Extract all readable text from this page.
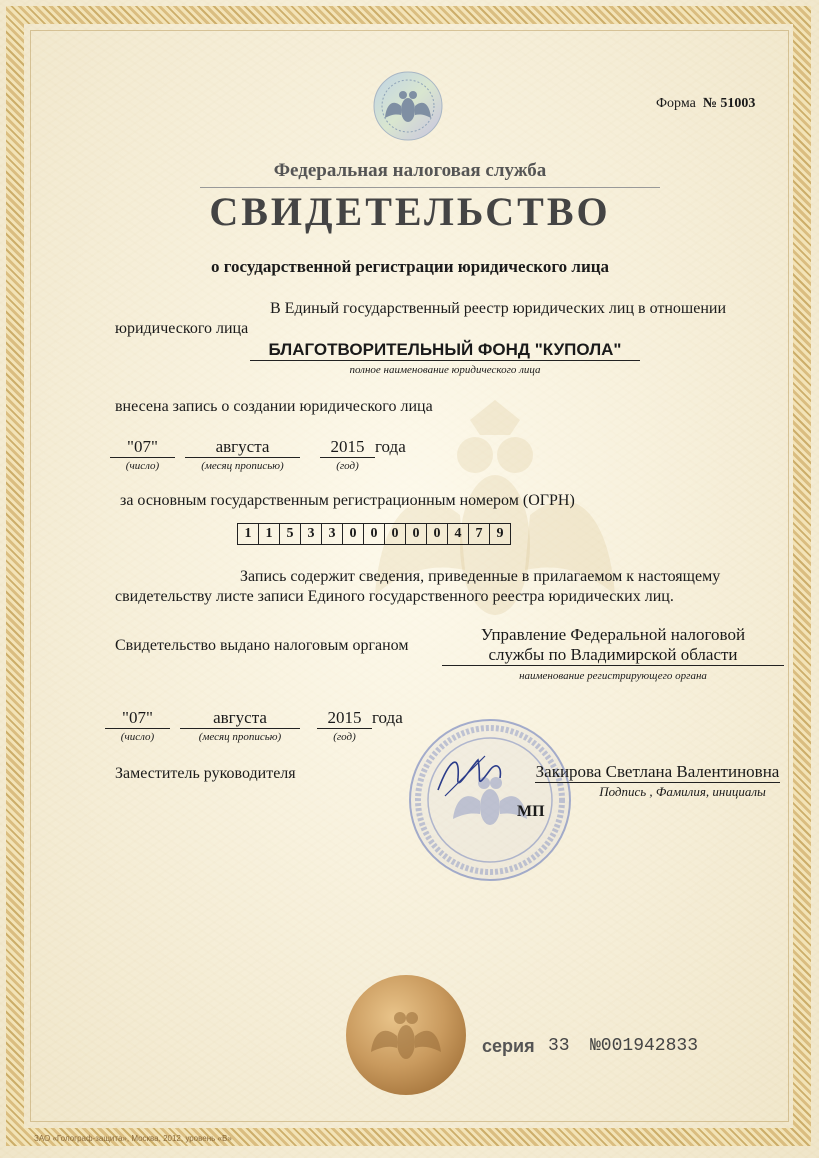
Форма № 51003
Федеральная налоговая служба
СВИДЕТЕЛЬСТВО
о государственной регистрации юридического лица
В Единый государственный реестр юридических лиц в отношении
юридического лица
БЛАГОТВОРИТЕЛЬНЫЙ ФОНД "КУПОЛА"
полное наименование юридического лица
внесена запись о создании юридического лица
"07"	августа	2015 года
(число)	(месяц прописью)	(год)
за основным государственным регистрационным номером (ОГРН)
1	1	5	3	3	0	0	0	0	0	4	7	9
Запись содержит сведения, приведенные в прилагаемом к настоящему
свидетельству листе записи Единого государственного реестра юридических лиц.
Свидетельство выдано налоговым органом
Управление Федеральной налоговой
службы по Владимирской области
наименование регистрирующего органа
"07"	августа	2015 года
(число)	(месяц прописью)	(год)
Заместитель руководителя	Закирова Светлана Валентиновна
Подпись , Фамилия, инициалы
МП
серия 33 №001942833
ЗАО «Голограф-защита», Москва, 2012, уровень «В»
